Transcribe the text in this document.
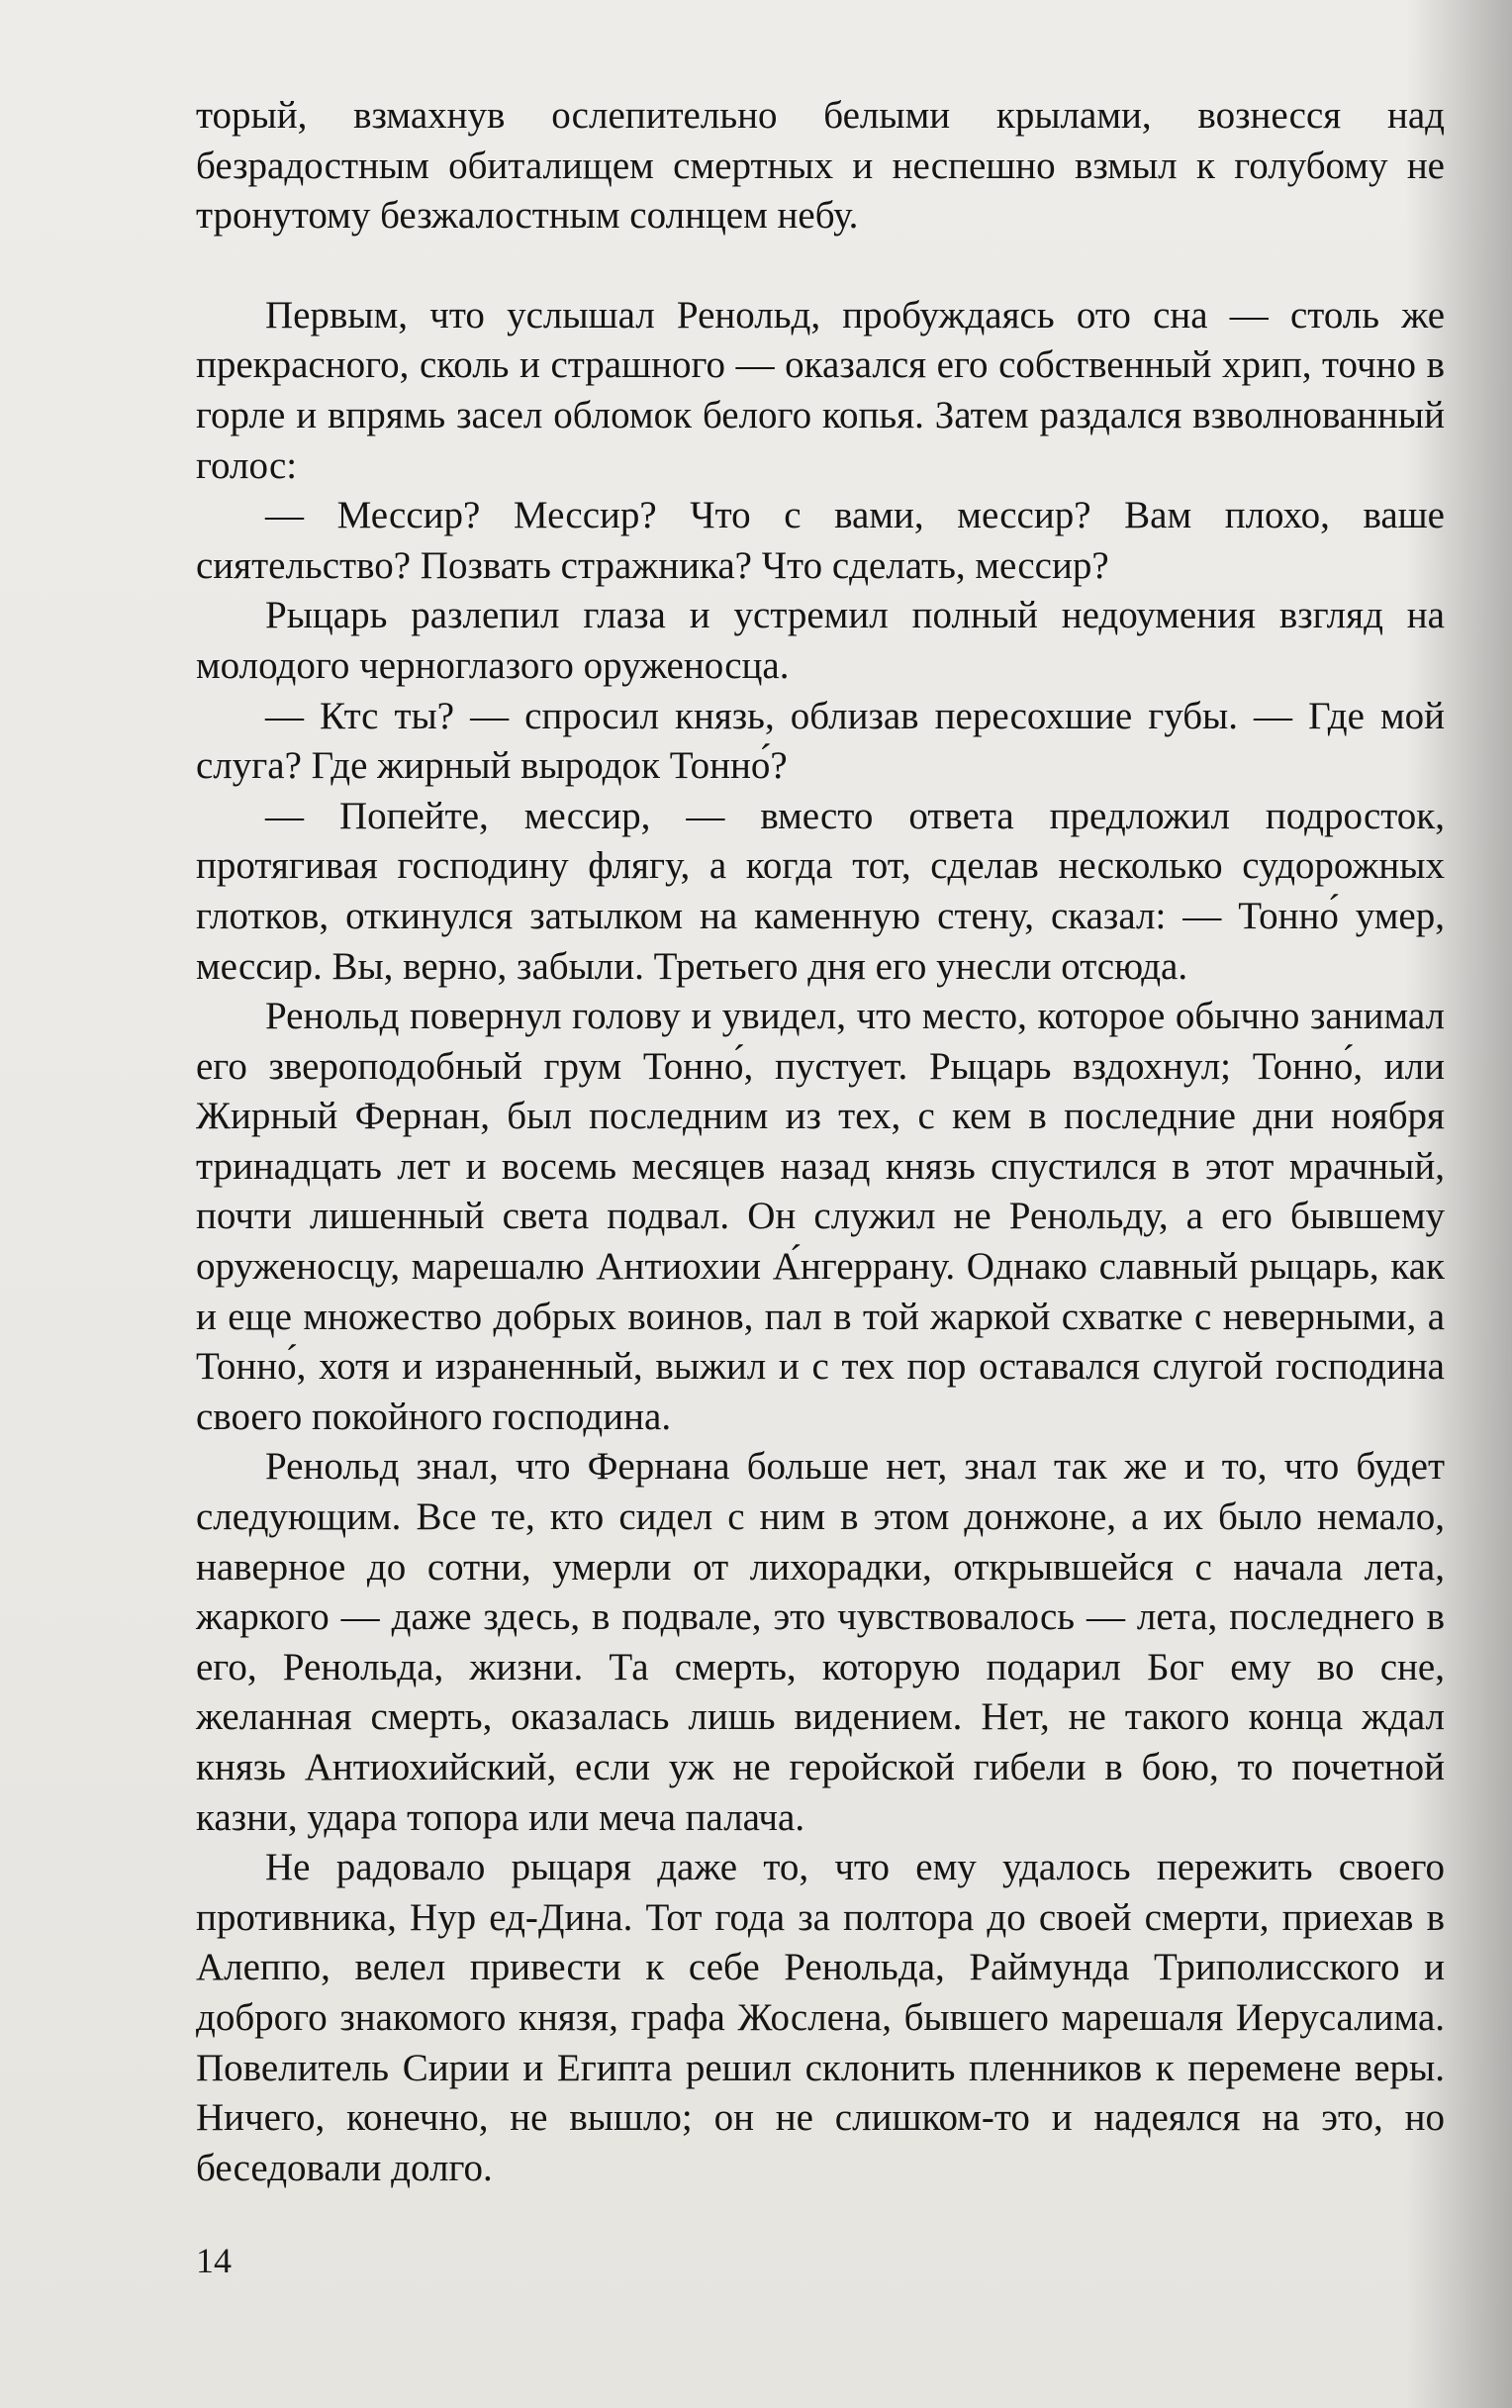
торый, взмахнув ослепительно белыми крылами, вознесся над безрадостным обиталищем смертных и неспешно взмыл к голубому не тронутому безжалостным солнцем небу.

Первым, что услышал Ренольд, пробуждаясь ото сна — столь же прекрасного, сколь и страшного — оказался его собственный хрип, точно в горле и впрямь засел обломок белого копья. Затем раздался взволнованный голос:

— Мессир? Мессир? Что с вами, мессир? Вам плохо, ваше сиятельство? Позвать стражника? Что сделать, мессир?

Рыцарь разлепил глаза и устремил полный недоумения взгляд на молодого черноглазого оруженосца.

— Ктс ты? — спросил князь, облизав пересохшие губы. — Где мой слуга? Где жирный выродок Тонно́?

— Попейте, мессир, — вместо ответа предложил подросток, протягивая господину флягу, а когда тот, сделав несколько судорожных глотков, откинулся затылком на каменную стену, сказал: — Тонно́ умер, мессир. Вы, верно, забыли. Третьего дня его унесли отсюда.

Ренольд повернул голову и увидел, что место, которое обычно занимал его звероподобный грум Тонно́, пустует. Рыцарь вздохнул; Тонно́, или Жирный Фернан, был последним из тех, с кем в последние дни ноября тринадцать лет и восемь месяцев назад князь спустился в этот мрачный, почти лишенный света подвал. Он служил не Ренольду, а его бывшему оруженосцу, марешалю Антиохии А́нгеррану. Однако славный рыцарь, как и еще множество добрых воинов, пал в той жаркой схватке с неверными, а Тонно́, хотя и израненный, выжил и с тех пор оставался слугой господина своего покойного господина.

Ренольд знал, что Фернана больше нет, знал так же и то, что будет следующим. Все те, кто сидел с ним в этом донжоне, а их было немало, наверное до сотни, умерли от лихорадки, открывшейся с начала лета, жаркого — даже здесь, в подвале, это чувствовалось — лета, последнего в его, Ренольда, жизни. Та смерть, которую подарил Бог ему во сне, желанная смерть, оказалась лишь видением. Нет, не такого конца ждал князь Антиохийский, если уж не геройской гибели в бою, то почетной казни, удара топора или меча палача.

Не радовало рыцаря даже то, что ему удалось пережить своего противника, Нур ед-Дина. Тот года за полтора до своей смерти, приехав в Алеппо, велел привести к себе Ренольда, Раймунда Триполисского и доброго знакомого князя, графа Жослена, бывшего марешаля Иерусалима. Повелитель Сирии и Египта решил склонить пленников к перемене веры. Ничего, конечно, не вышло; он не слишком-то и надеялся на это, но беседовали долго.

14
